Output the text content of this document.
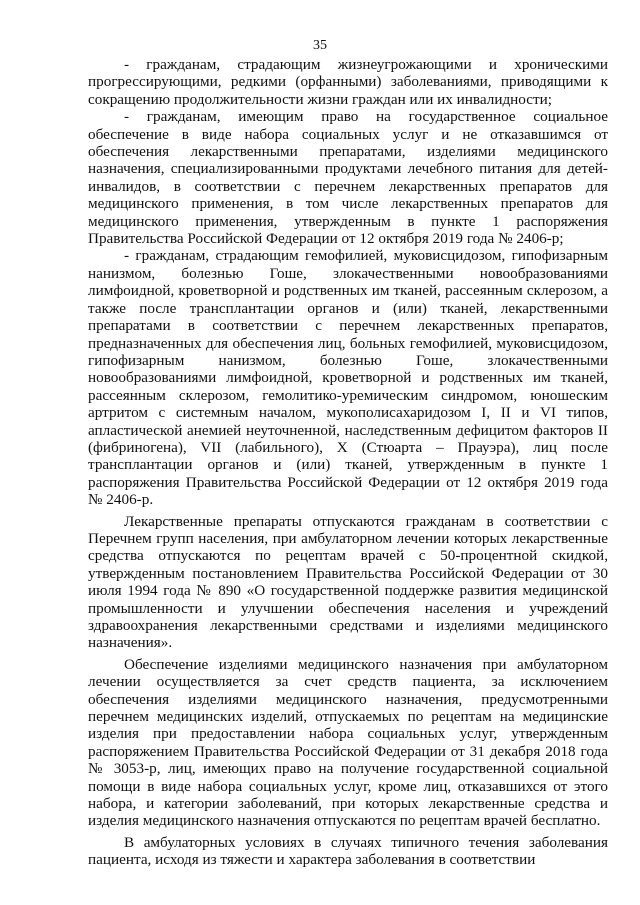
35

- гражданам, страдающим жизнеугрожающими и хроническими прогрессирующими, редкими (орфанными) заболеваниями, приводящими к сокращению продолжительности жизни граждан или их инвалидности;

- гражданам, имеющим право на государственное социальное обеспечение в виде набора социальных услуг и не отказавшимся от обеспечения лекарственными препаратами, изделиями медицинского назначения, специализированными продуктами лечебного питания для детей-инвалидов, в соответствии с перечнем лекарственных препаратов для медицинского применения, в том числе лекарственных препаратов для медицинского применения, утвержденным в пункте 1 распоряжения Правительства Российской Федерации от 12 октября 2019 года № 2406-р;

- гражданам, страдающим гемофилией, муковисцидозом, гипофизарным нанизмом, болезнью Гоше, злокачественными новообразованиями лимфоидной, кроветворной и родственных им тканей, рассеянным склерозом, а также после трансплантации органов и (или) тканей, лекарственными препаратами в соответствии с перечнем лекарственных препаратов, предназначенных для обеспечения лиц, больных гемофилией, муковисцидозом, гипофизарным нанизмом, болезнью Гоше, злокачественными новообразованиями лимфоидной, кроветворной и родственных им тканей, рассеянным склерозом, гемолитико-уремическим синдромом, юношеским артритом с системным началом, мукополисахаридозом I, II и VI типов, апластической анемией неуточненной, наследственным дефицитом факторов II (фибриногена), VII (лабильного), X (Стюарта – Прауэра), лиц после трансплантации органов и (или) тканей, утвержденным в пункте 1 распоряжения Правительства Российской Федерации от 12 октября 2019 года № 2406-р.

Лекарственные препараты отпускаются гражданам в соответствии с Перечнем групп населения, при амбулаторном лечении которых лекарственные средства отпускаются по рецептам врачей с 50-процентной скидкой, утвержденным постановлением Правительства Российской Федерации от 30 июля 1994 года № 890 «О государственной поддержке развития медицинской промышленности и улучшении обеспечения населения и учреждений здравоохранения лекарственными средствами и изделиями медицинского назначения».

Обеспечение изделиями медицинского назначения при амбулаторном лечении осуществляется за счет средств пациента, за исключением обеспечения изделиями медицинского назначения, предусмотренными перечнем медицинских изделий, отпускаемых по рецептам на медицинские изделия при предоставлении набора социальных услуг, утвержденным распоряжением Правительства Российской Федерации от 31 декабря 2018 года № 3053-р, лиц, имеющих право на получение государственной социальной помощи в виде набора социальных услуг, кроме лиц, отказавшихся от этого набора, и категории заболеваний, при которых лекарственные средства и изделия медицинского назначения отпускаются по рецептам врачей бесплатно.

В амбулаторных условиях в случаях типичного течения заболевания пациента, исходя из тяжести и характера заболевания в соответствии
